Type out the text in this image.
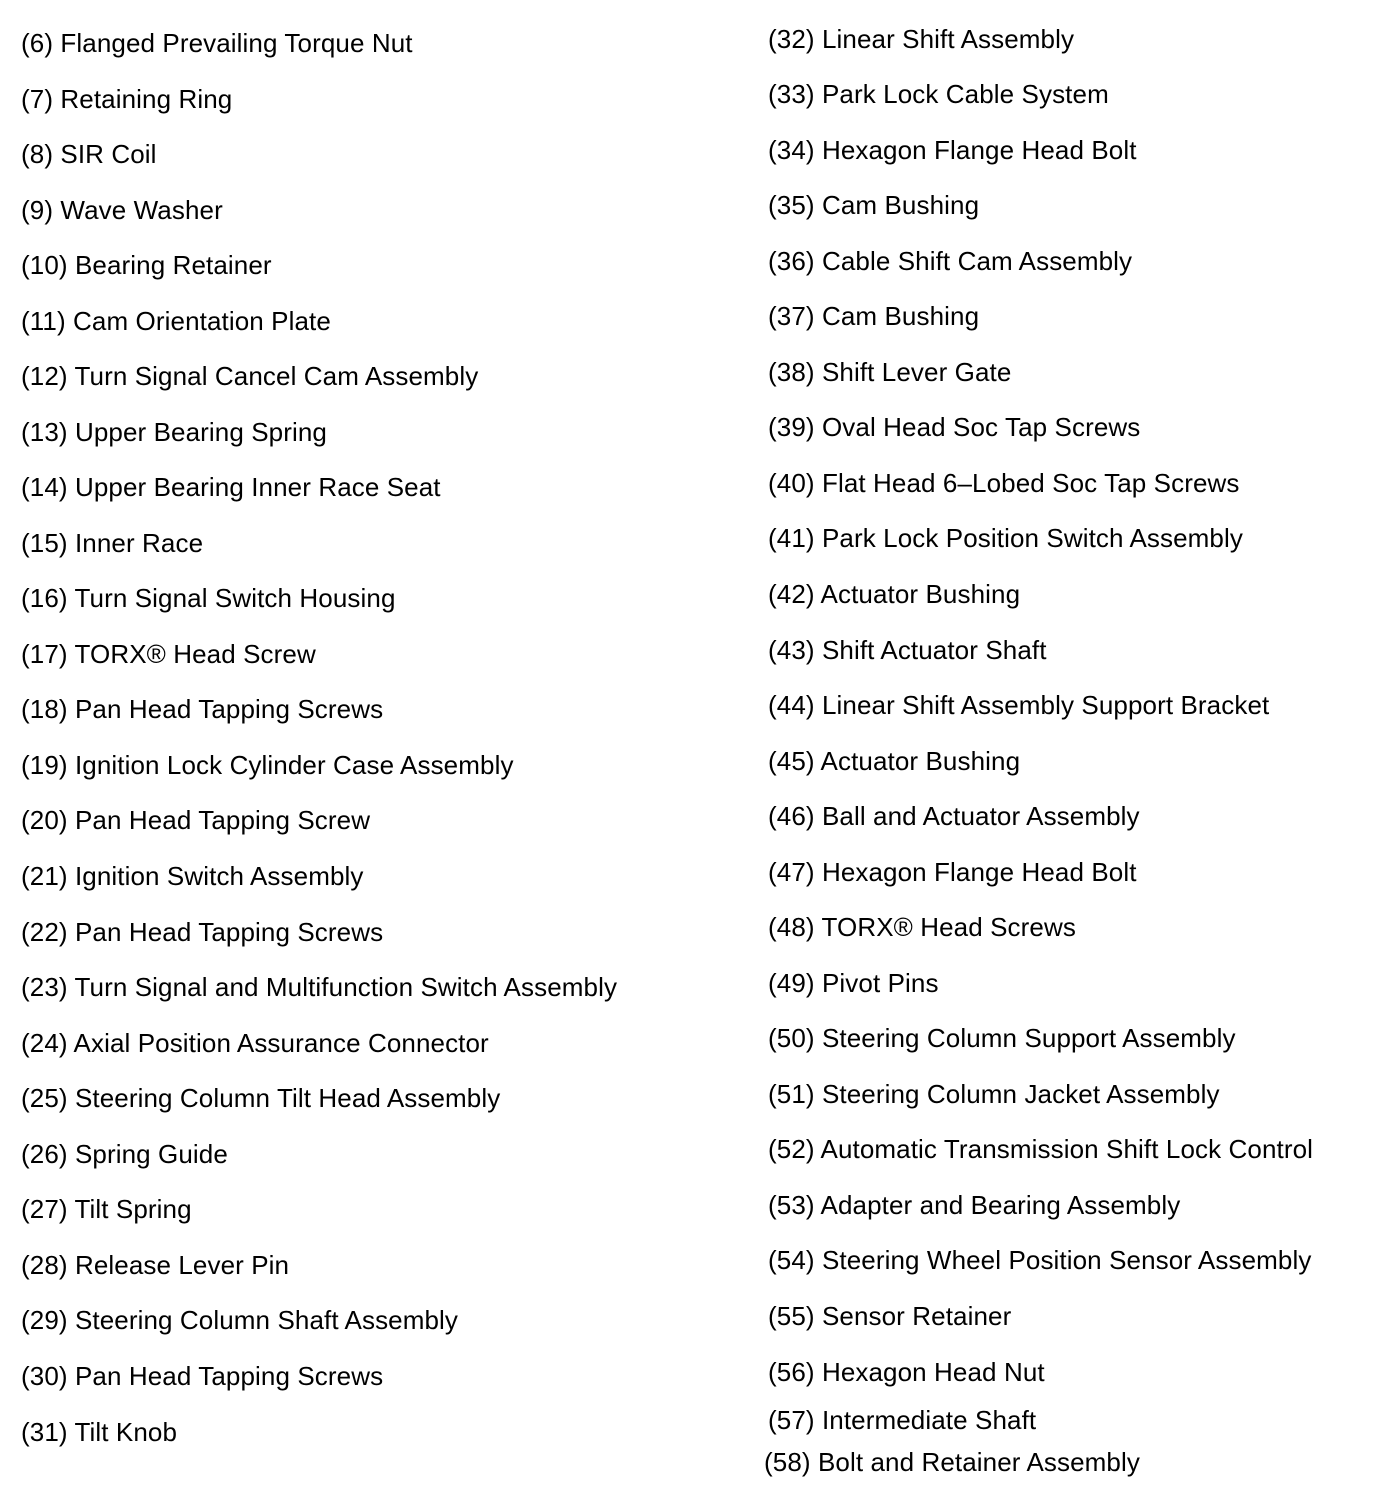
(6) Flanged Prevailing Torque Nut
(7) Retaining Ring
(8) SIR Coil
(9) Wave Washer
(10) Bearing Retainer
(11) Cam Orientation Plate
(12) Turn Signal Cancel Cam Assembly
(13) Upper Bearing Spring
(14) Upper Bearing Inner Race Seat
(15) Inner Race
(16) Turn Signal Switch Housing
(17) TORX® Head Screw
(18) Pan Head Tapping Screws
(19) Ignition Lock Cylinder Case Assembly
(20) Pan Head Tapping Screw
(21) Ignition Switch Assembly
(22) Pan Head Tapping Screws
(23) Turn Signal and Multifunction Switch Assembly
(24) Axial Position Assurance Connector
(25) Steering Column Tilt Head Assembly
(26) Spring Guide
(27) Tilt Spring
(28) Release Lever Pin
(29) Steering Column Shaft Assembly
(30) Pan Head Tapping Screws
(31) Tilt Knob
(32) Linear Shift Assembly
(33) Park Lock Cable System
(34) Hexagon Flange Head Bolt
(35) Cam Bushing
(36) Cable Shift Cam Assembly
(37) Cam Bushing
(38) Shift Lever Gate
(39) Oval Head Soc Tap Screws
(40) Flat Head 6–Lobed Soc Tap Screws
(41) Park Lock Position Switch Assembly
(42) Actuator Bushing
(43) Shift Actuator Shaft
(44) Linear Shift Assembly Support Bracket
(45) Actuator Bushing
(46) Ball and Actuator Assembly
(47) Hexagon Flange Head Bolt
(48) TORX® Head Screws
(49) Pivot Pins
(50) Steering Column Support Assembly
(51) Steering Column Jacket Assembly
(52) Automatic Transmission Shift Lock Control
(53) Adapter and Bearing Assembly
(54) Steering Wheel Position Sensor Assembly
(55) Sensor Retainer
(56) Hexagon Head Nut
(57) Intermediate Shaft
(58) Bolt and Retainer Assembly
